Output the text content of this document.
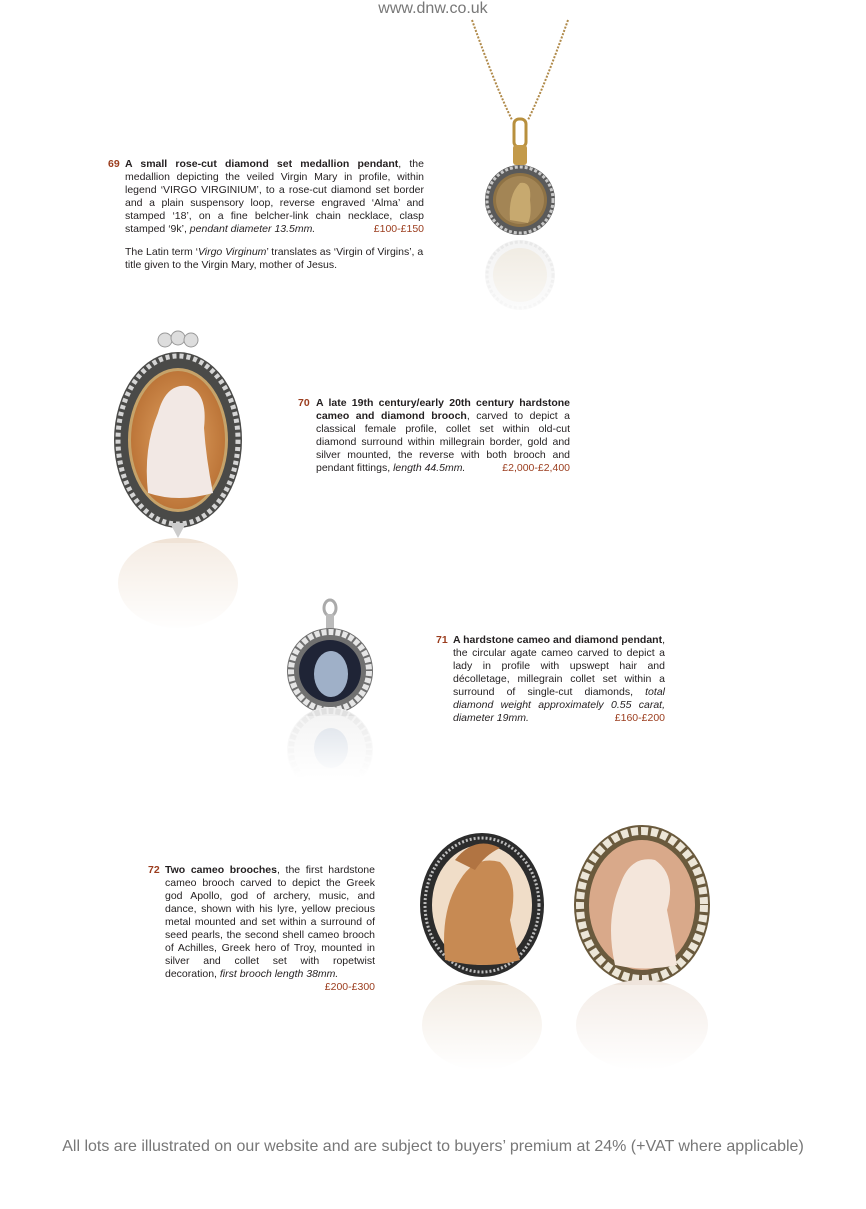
69 A small rose-cut diamond set medallion pendant, the medallion depicting the veiled Virgin Mary in profile, within legend ‘VIRGO VIRGINIUM’, to a rose-cut diamond set border and a plain suspensory loop, reverse engraved ‘Alma’ and stamped ‘18’, on a fine belcher-link chain necklace, clasp stamped ‘9k’, pendant diameter 13.5mm.	£100-£150
The Latin term ‘Virgo Virginum’ translates as ‘Virgin of Virgins’, a title given to the Virgin Mary, mother of Jesus.
70 A late 19th century/early 20th century hardstone cameo and diamond brooch, carved to depict a classical female profile, collet set within old-cut diamond surround within millegrain border, gold and silver mounted, the reverse with both brooch and pendant fittings, length 44.5mm.	£2,000-£2,400
71 A hardstone cameo and diamond pendant, the circular agate cameo carved to depict a lady in profile with upswept hair and décolletage, millegrain collet set within a surround of single-cut diamonds, total diamond weight approximately 0.55 carat, diameter 19mm.	£160-£200
72 Two cameo brooches, the first hardstone cameo brooch carved to depict the Greek god Apollo, god of archery, music, and dance, shown with his lyre, yellow precious metal mounted and set within a surround of seed pearls, the second shell cameo brooch of Achilles, Greek hero of Troy, mounted in silver and collet set with ropetwist decoration, first brooch length 38mm.
£200-£300
www.dnw.co.uk
All lots are illustrated on our website and are subject to buyers’ premium at 24% (+VAT where applicable)
